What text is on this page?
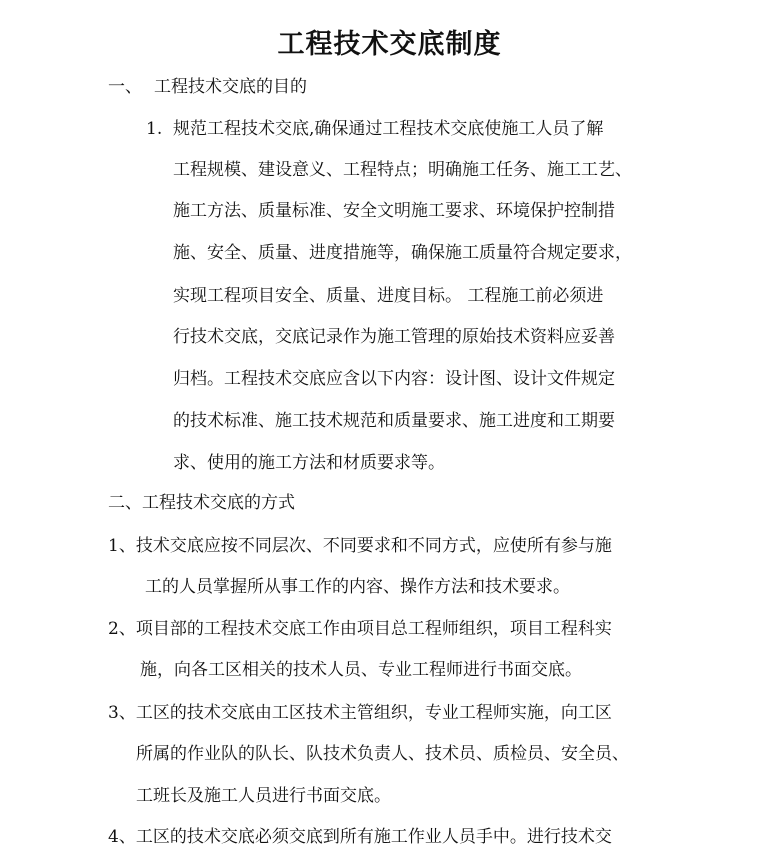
工程技术交底制度
一、 工程技术交底的目的
1. 规范工程技术交底,确保通过工程技术交底使施工人员了解
工程规模、建设意义、工程特点；明确施工任务、施工工艺、
施工方法、质量标准、安全文明施工要求、环境保护控制措
施、安全、质量、进度措施等，确保施工质量符合规定要求，
实现工程项目安全、质量、进度目标。 工程施工前必须进
行技术交底，交底记录作为施工管理的原始技术资料应妥善
归档。工程技术交底应含以下内容：设计图、设计文件规定
的技术标准、施工技术规范和质量要求、施工进度和工期要
求、使用的施工方法和材质要求等。
二、工程技术交底的方式
1、技术交底应按不同层次、不同要求和不同方式，应使所有参与施
工的人员掌握所从事工作的内容、操作方法和技术要求。
2、项目部的工程技术交底工作由项目总工程师组织，项目工程科实
施，向各工区相关的技术人员、专业工程师进行书面交底。
3、工区的技术交底由工区技术主管组织，专业工程师实施，向工区
所属的作业队的队长、队技术负责人、技术员、质检员、安全员、
工班长及施工人员进行书面交底。
4、工区的技术交底必须交底到所有施工作业人员手中。进行技术交
